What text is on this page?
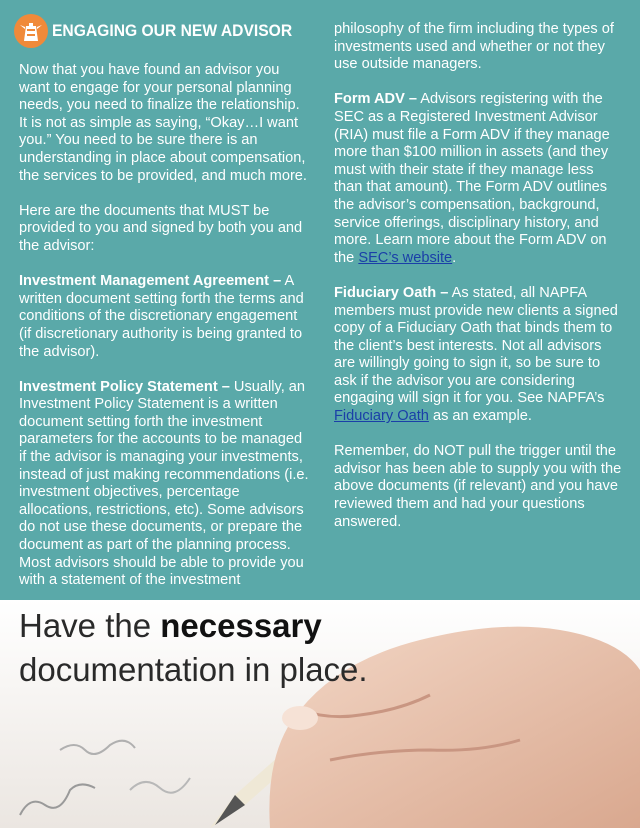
ENGAGING OUR NEW ADVISOR

Now that you have found an advisor you want to engage for your personal planning needs, you need to finalize the relationship. It is not as simple as saying, “Okay…I want you.” You need to be sure there is an understanding in place about compensation, the services to be provided, and much more.

Here are the documents that MUST be provided to you and signed by both you and the advisor:

Investment Management Agreement – A written document setting forth the terms and conditions of the discretionary engagement (if discretionary authority is being granted to the advisor).

Investment Policy Statement – Usually, an Investment Policy Statement is a written document setting forth the investment parameters for the accounts to be managed if the advisor is managing your investments, instead of just making recommendations (i.e. investment objectives, percentage allocations, restrictions, etc). Some advisors do not use these documents, or prepare the document as part of the planning process. Most advisors should be able to provide you with a statement of the investment

philosophy of the firm including the types of investments used and whether or not they use outside managers.

Form ADV – Advisors registering with the SEC as a Registered Investment Advisor (RIA) must file a Form ADV if they manage more than $100 million in assets (and they must with their state if they manage less than that amount). The Form ADV outlines the advisor’s compensation, background, service offerings, disciplinary history, and more. Learn more about the Form ADV on the SEC’s website.

Fiduciary Oath – As stated, all NAPFA members must provide new clients a signed copy of a Fiduciary Oath that binds them to the client’s best interests. Not all advisors are willingly going to sign it, so be sure to ask if the advisor you are considering engaging will sign it for you. See NAPFA’s Fiduciary Oath as an example.

Remember, do NOT pull the trigger until the advisor has been able to supply you with the above documents (if relevant) and you have reviewed them and had your questions answered.

Have the necessary
documentation in place.
